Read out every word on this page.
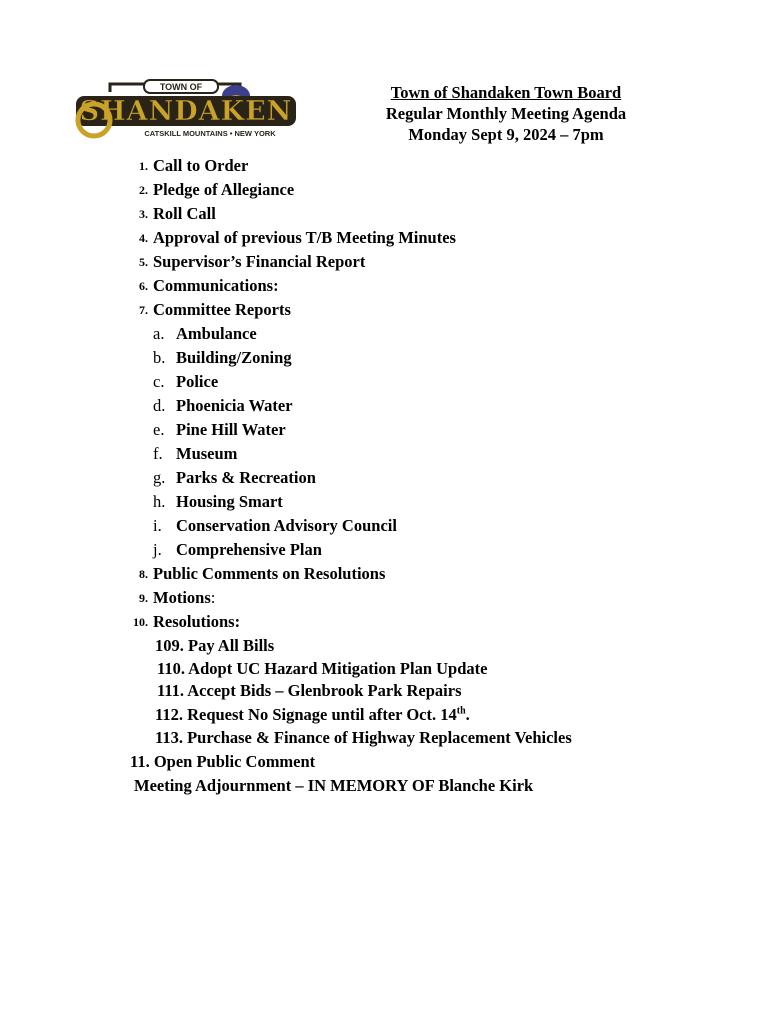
TOWN OF
SHANDAKEN
CATSKILL MOUNTAINS • NEW YORK
Town of Shandaken Town Board
Regular Monthly Meeting Agenda
Monday Sept 9, 2024 – 7pm
1. Call to Order
2. Pledge of Allegiance
3. Roll Call
4. Approval of previous T/B Meeting Minutes
5. Supervisor’s Financial Report
6. Communications:
7. Committee Reports
a. Ambulance
b. Building/Zoning
c. Police
d. Phoenicia Water
e. Pine Hill Water
f. Museum
g. Parks & Recreation
h. Housing Smart
i. Conservation Advisory Council
j. Comprehensive Plan
8. Public Comments on Resolutions
9. Motions:
10. Resolutions:
109. Pay All Bills
110. Adopt UC Hazard Mitigation Plan Update
111. Accept Bids – Glenbrook Park Repairs
112. Request No Signage until after Oct. 14th.
113. Purchase & Finance of Highway Replacement Vehicles
11. Open Public Comment
Meeting Adjournment – IN MEMORY OF Blanche Kirk
